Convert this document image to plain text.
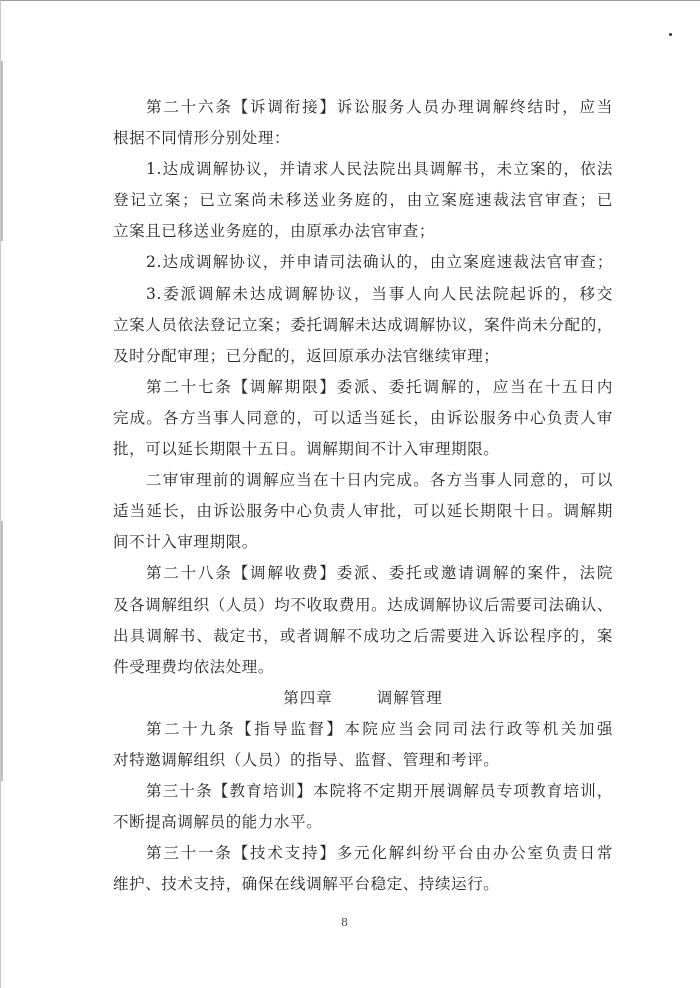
第二十六条【诉调衔接】诉讼服务人员办理调解终结时，应当
根据不同情形分别处理：
1.达成调解协议，并请求人民法院出具调解书，未立案的，依法
登记立案；已立案尚未移送业务庭的，由立案庭速裁法官审查；已
立案且已移送业务庭的，由原承办法官审查；
2.达成调解协议，并申请司法确认的，由立案庭速裁法官审查；
3.委派调解未达成调解协议，当事人向人民法院起诉的，移交
立案人员依法登记立案；委托调解未达成调解协议，案件尚未分配的，
及时分配审理；已分配的，返回原承办法官继续审理；
第二十七条【调解期限】委派、委托调解的，应当在十五日内
完成。各方当事人同意的，可以适当延长，由诉讼服务中心负责人审
批，可以延长期限十五日。调解期间不计入审理期限。
二审审理前的调解应当在十日内完成。各方当事人同意的，可以
适当延长，由诉讼服务中心负责人审批，可以延长期限十日。调解期
间不计入审理期限。
第二十八条【调解收费】委派、委托或邀请调解的案件，法院
及各调解组织（人员）均不收取费用。达成调解协议后需要司法确认、
出具调解书、裁定书，或者调解不成功之后需要进入诉讼程序的，案
件受理费均依法处理。
第四章	调解管理
第二十九条【指导监督】本院应当会同司法行政等机关加强
对特邀调解组织（人员）的指导、监督、管理和考评。
第三十条【教育培训】本院将不定期开展调解员专项教育培训，
不断提高调解员的能力水平。
第三十一条【技术支持】多元化解纠纷平台由办公室负责日常
维护、技术支持，确保在线调解平台稳定、持续运行。
8
